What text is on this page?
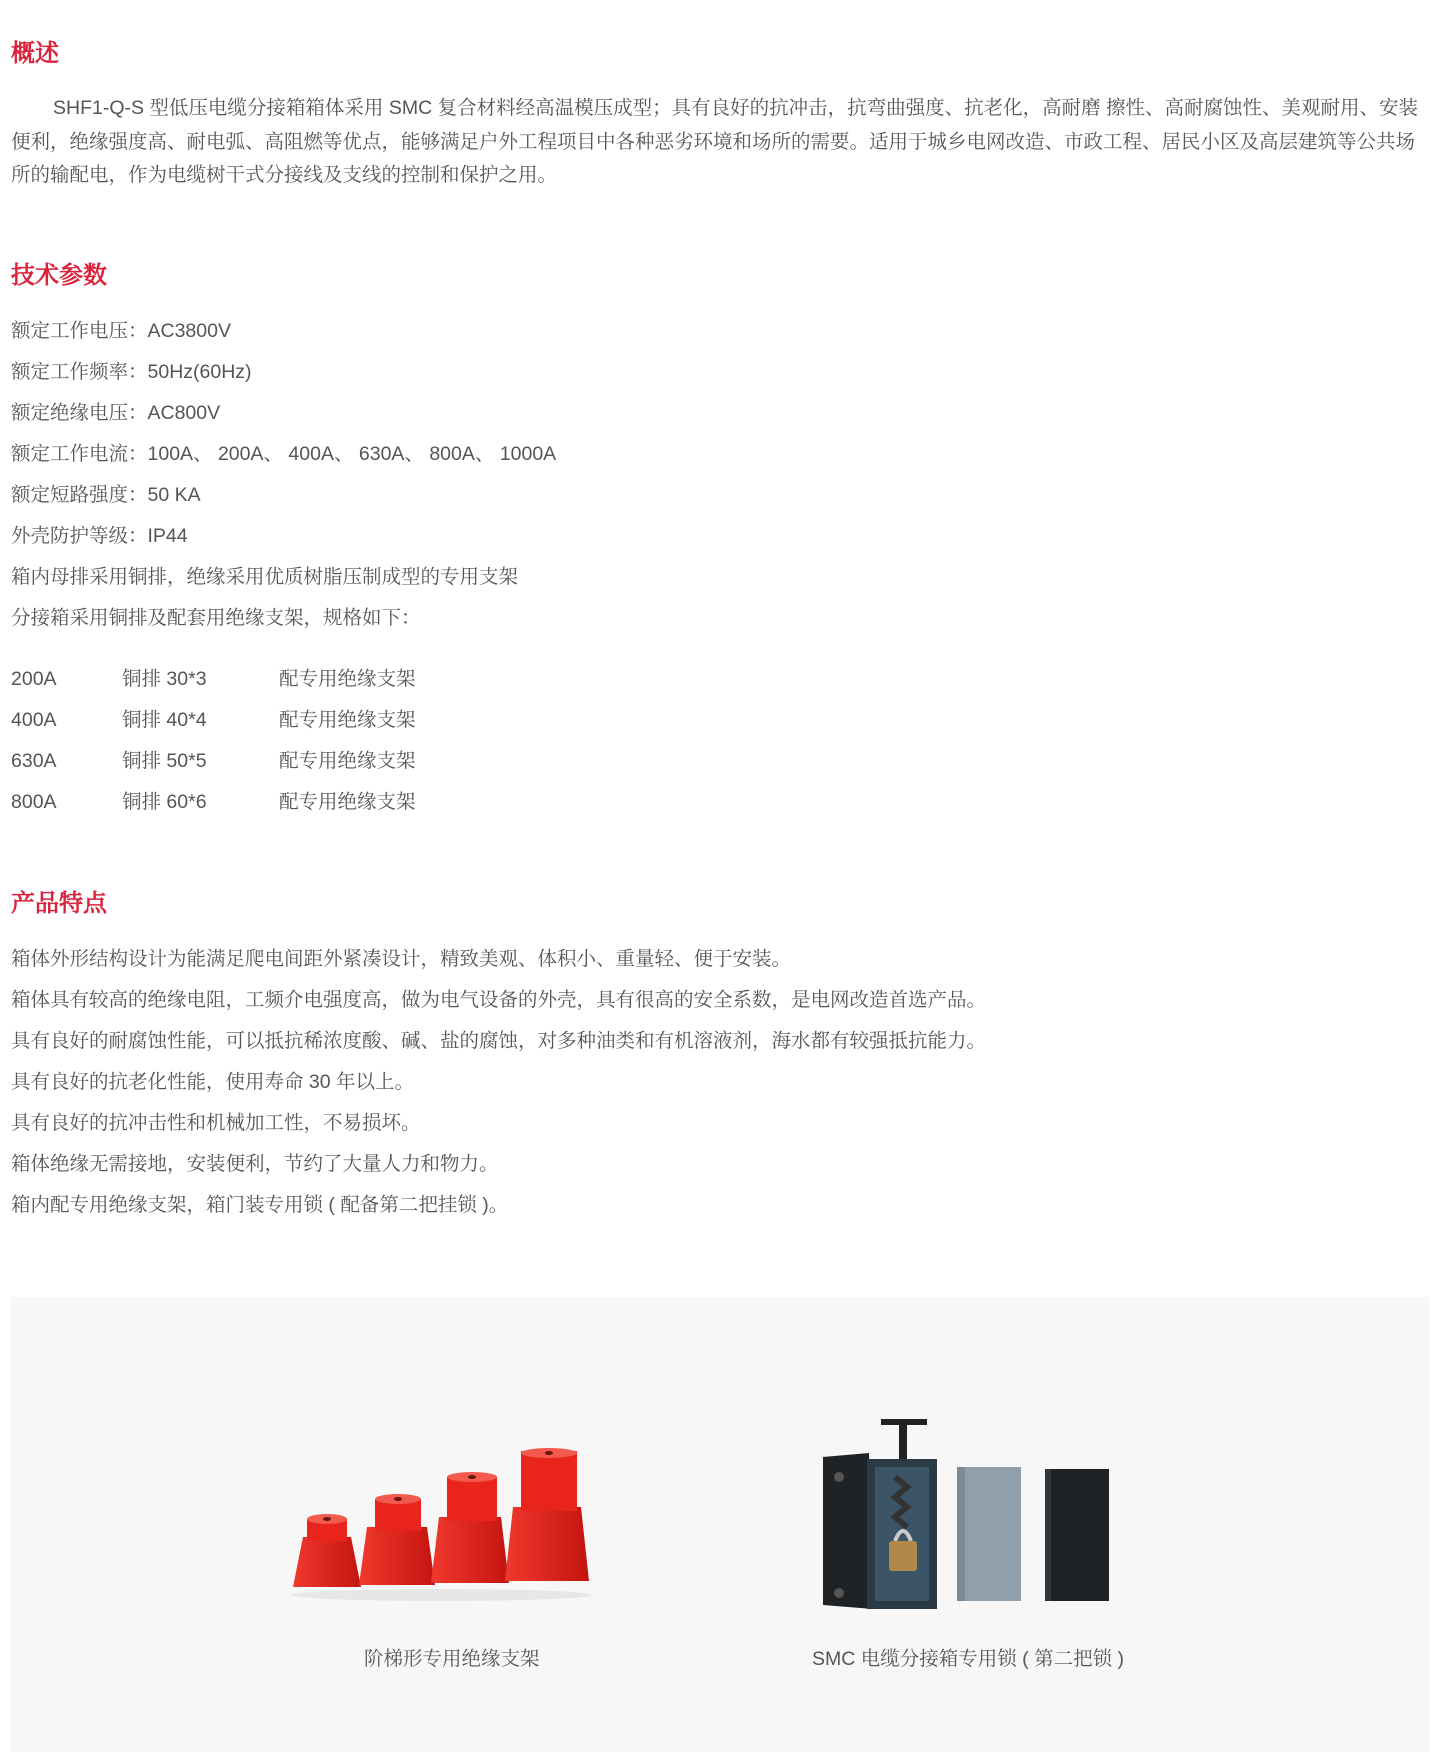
概述

SHF1-Q-S 型低压电缆分接箱箱体采用 SMC 复合材料经高温模压成型；具有良好的抗冲击，抗弯曲强度、抗老化，高耐磨 擦性、高耐腐蚀性、美观耐用、安装便利，绝缘强度高、耐电弧、高阻燃等优点，能够满足户外工程项目中各种恶劣环境和场所的需要。适用于城乡电网改造、市政工程、居民小区及高层建筑等公共场所的输配电，作为电缆树干式分接线及支线的控制和保护之用。

技术参数
额定工作电压：AC3800V
额定工作频率：50Hz(60Hz)
额定绝缘电压：AC800V
额定工作电流：100A、 200A、 400A、 630A、 800A、 1000A
额定短路强度：50 KA
外壳防护等级：IP44
箱内母排采用铜排，绝缘采用优质树脂压制成型的专用支架
分接箱采用铜排及配套用绝缘支架，规格如下：
200A	铜排 30*3	配专用绝缘支架
400A	铜排 40*4	配专用绝缘支架
630A	铜排 50*5	配专用绝缘支架
800A	铜排 60*6	配专用绝缘支架
产品特点
箱体外形结构设计为能满足爬电间距外紧凑设计，精致美观、体积小、重量轻、便于安装。
箱体具有较高的绝缘电阻，工频介电强度高，做为电气设备的外壳，具有很高的安全系数，是电网改造首选产品。
具有良好的耐腐蚀性能，可以抵抗稀浓度酸、碱、盐的腐蚀，对多种油类和有机溶液剂，海水都有较强抵抗能力。
具有良好的抗老化性能，使用寿命 30 年以上。
具有良好的抗冲击性和机械加工性，不易损坏。
箱体绝缘无需接地，安装便利，节约了大量人力和物力。
箱内配专用绝缘支架，箱门装专用锁 ( 配备第二把挂锁 )。
阶梯形专用绝缘支架	SMC 电缆分接箱专用锁 ( 第二把锁 )
